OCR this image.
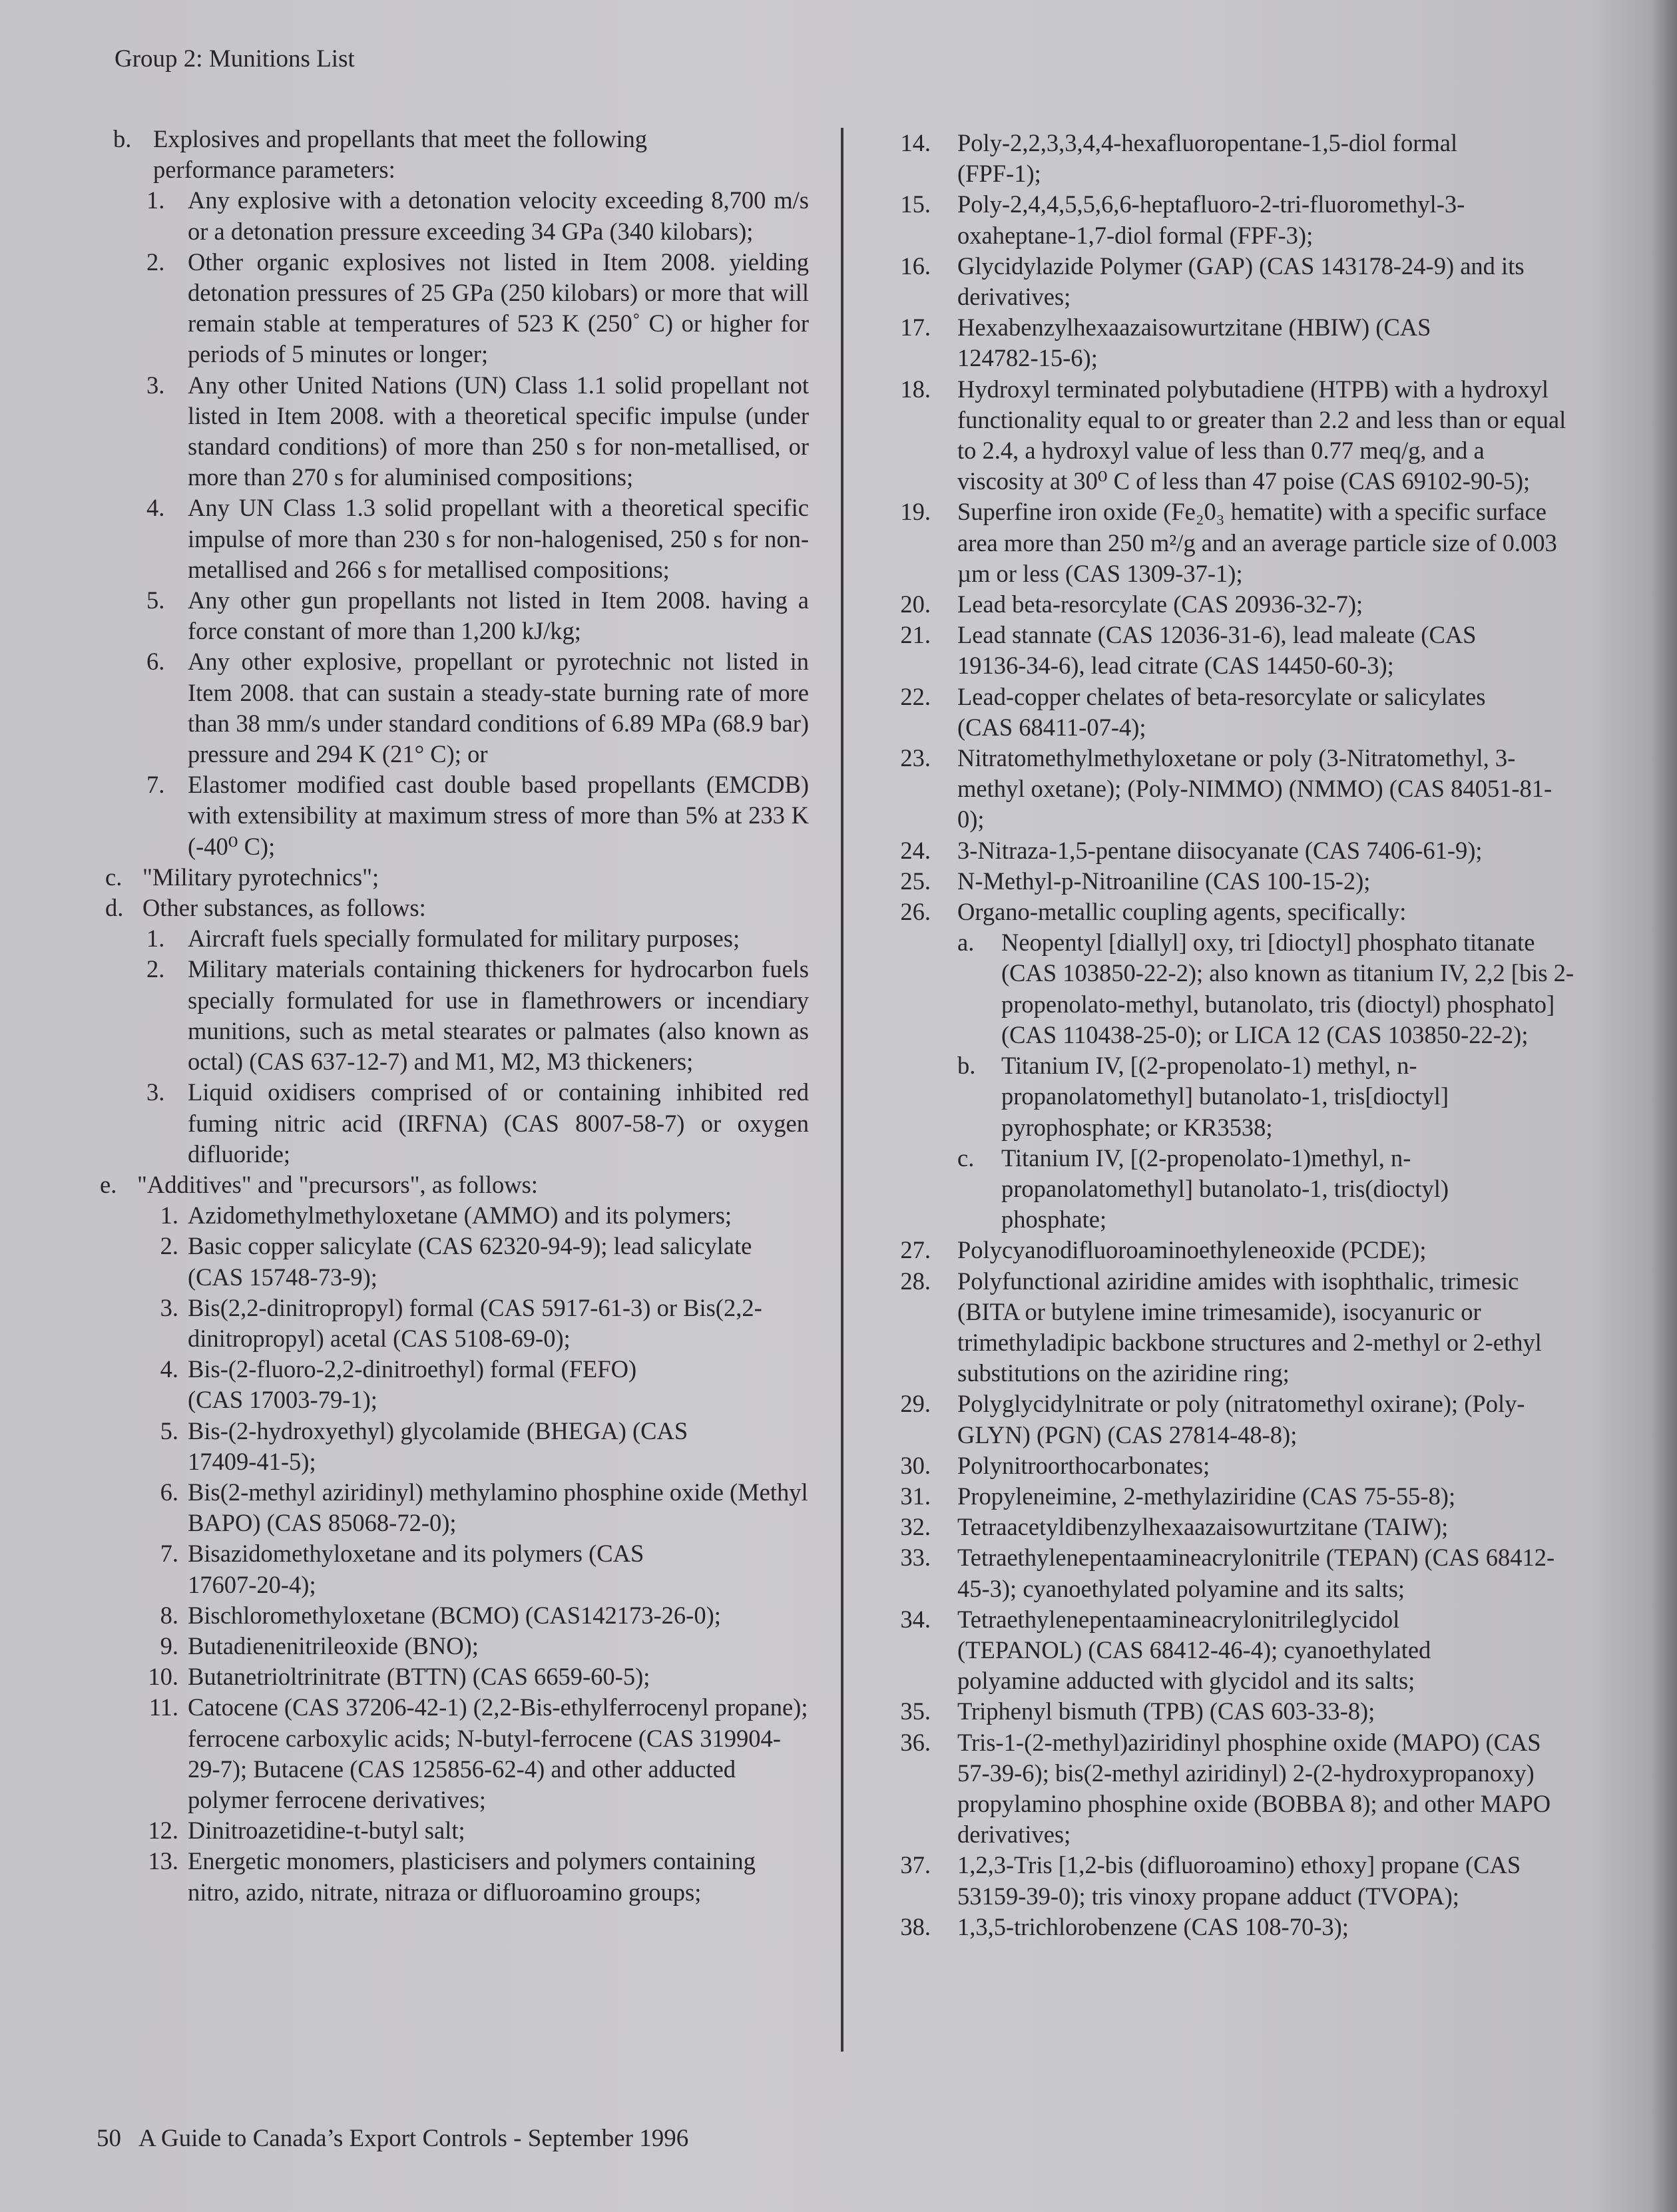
Group 2: Munitions List
b. Explosives and propellants that meet the following performance parameters:
1. Any explosive with a detonation velocity exceeding 8,700 m/s or a detonation pressure exceeding 34 GPa (340 kilobars);
2. Other organic explosives not listed in Item 2008. yielding detonation pressures of 25 GPa (250 kilobars) or more that will remain stable at temperatures of 523 K (250˚ C) or higher for periods of 5 minutes or longer;
3. Any other United Nations (UN) Class 1.1 solid propellant not listed in Item 2008. with a theoretical specific impulse (under standard conditions) of more than 250 s for non-metallised, or more than 270 s for aluminised compositions;
4. Any UN Class 1.3 solid propellant with a theoretical specific impulse of more than 230 s for non-halogenised, 250 s for non-metallised and 266 s for metallised compositions;
5. Any other gun propellants not listed in Item 2008. having a force constant of more than 1,200 kJ/kg;
6. Any other explosive, propellant or pyrotechnic not listed in Item 2008. that can sustain a steady-state burning rate of more than 38 mm/s under standard conditions of 6.89 MPa (68.9 bar) pressure and 294 K (21° C); or
7. Elastomer modified cast double based propellants (EMCDB) with extensibility at maximum stress of more than 5% at 233 K (-40⁰ C);
c. "Military pyrotechnics";
d. Other substances, as follows:
1. Aircraft fuels specially formulated for military purposes;
2. Military materials containing thickeners for hydrocarbon fuels specially formulated for use in flamethrowers or incendiary munitions, such as metal stearates or palmates (also known as octal) (CAS 637-12-7) and M1, M2, M3 thickeners;
3. Liquid oxidisers comprised of or containing inhibited red fuming nitric acid (IRFNA) (CAS 8007-58-7) or oxygen difluoride;
e. "Additives" and "precursors", as follows:
1. Azidomethylmethyloxetane (AMMO) and its polymers;
2. Basic copper salicylate (CAS 62320-94-9); lead salicylate (CAS 15748-73-9);
3. Bis(2,2-dinitropropyl) formal (CAS 5917-61-3) or Bis(2,2-dinitropropyl) acetal (CAS 5108-69-0);
4. Bis-(2-fluoro-2,2-dinitroethyl) formal (FEFO) (CAS 17003-79-1);
5. Bis-(2-hydroxyethyl) glycolamide (BHEGA) (CAS 17409-41-5);
6. Bis(2-methyl aziridinyl) methylamino phosphine oxide (Methyl BAPO) (CAS 85068-72-0);
7. Bisazidomethyloxetane and its polymers (CAS 17607-20-4);
8. Bischloromethyloxetane (BCMO) (CAS142173-26-0);
9. Butadienenitrileoxide (BNO);
10. Butanetrioltrinitrate (BTTN) (CAS 6659-60-5);
11. Catocene (CAS 37206-42-1) (2,2-Bis-ethylferrocenyl propane); ferrocene carboxylic acids; N-butyl-ferrocene (CAS 319904-29-7); Butacene (CAS 125856-62-4) and other adducted polymer ferrocene derivatives;
12. Dinitroazetidine-t-butyl salt;
13. Energetic monomers, plasticisers and polymers containing nitro, azido, nitrate, nitraza or difluoroamino groups;
14. Poly-2,2,3,3,4,4-hexafluoropentane-1,5-diol formal (FPF-1);
15. Poly-2,4,4,5,5,6,6-heptafluoro-2-tri-fluoromethyl-3-oxaheptane-1,7-diol formal (FPF-3);
16. Glycidylazide Polymer (GAP) (CAS 143178-24-9) and its derivatives;
17. Hexabenzylhexaazaisowurtzitane (HBIW) (CAS 124782-15-6);
18. Hydroxyl terminated polybutadiene (HTPB) with a hydroxyl functionality equal to or greater than 2.2 and less than or equal to 2.4, a hydroxyl value of less than 0.77 meq/g, and a viscosity at 30⁰ C of less than 47 poise (CAS 69102-90-5);
19. Superfine iron oxide (Fe₂0₃ hematite) with a specific surface area more than 250 m²/g and an average particle size of 0.003 µm or less (CAS 1309-37-1);
20. Lead beta-resorcylate (CAS 20936-32-7);
21. Lead stannate (CAS 12036-31-6), lead maleate (CAS 19136-34-6), lead citrate (CAS 14450-60-3);
22. Lead-copper chelates of beta-resorcylate or salicylates (CAS 68411-07-4);
23. Nitratomethylmethyloxetane or poly (3-Nitratomethyl, 3-methyl oxetane); (Poly-NIMMO) (NMMO) (CAS 84051-81-0);
24. 3-Nitraza-1,5-pentane diisocyanate (CAS 7406-61-9);
25. N-Methyl-p-Nitroaniline (CAS 100-15-2);
26. Organo-metallic coupling agents, specifically:
a.	Neopentyl [diallyl] oxy, tri [dioctyl] phosphato titanate (CAS 103850-22-2); also known as titanium IV, 2,2 [bis 2-propenolato-methyl, butanolato, tris (dioctyl) phosphato] (CAS 110438-25-0); or LICA 12 (CAS 103850-22-2);
b.	Titanium IV, [(2-propenolato-1) methyl, n-propanolatomethyl] butanolato-1, tris[dioctyl] pyrophosphate; or KR3538;
c.	Titanium IV, [(2-propenolato-1)methyl, n-propanolatomethyl] butanolato-1, tris(dioctyl) phosphate;
27. Polycyanodifluoroaminoethyleneoxide (PCDE);
28. Polyfunctional aziridine amides with isophthalic, trimesic (BITA or butylene imine trimesamide), isocyanuric or trimethyladipic backbone structures and 2-methyl or 2-ethyl substitutions on the aziridine ring;
29. Polyglycidylnitrate or poly (nitratomethyl oxirane); (Poly-GLYN) (PGN) (CAS 27814-48-8);
30. Polynitroorthocarbonates;
31. Propyleneimine, 2-methylaziridine (CAS 75-55-8);
32. Tetraacetyldibenzylhexaazaisowurtzitane (TAIW);
33. Tetraethylenepentaamineacrylonitrile (TEPAN) (CAS 68412-45-3); cyanoethylated polyamine and its salts;
34. Tetraethylenepentaamineacrylonitrileglycidol (TEPANOL) (CAS 68412-46-4); cyanoethylated polyamine adducted with glycidol and its salts;
35. Triphenyl bismuth (TPB) (CAS 603-33-8);
36. Tris-1-(2-methyl)aziridinyl phosphine oxide (MAPO) (CAS 57-39-6); bis(2-methyl aziridinyl) 2-(2-hydroxypropanoxy) propylamino phosphine oxide (BOBBA 8); and other MAPO derivatives;
37. 1,2,3-Tris [1,2-bis (difluoroamino) ethoxy] propane (CAS 53159-39-0); tris vinoxy propane adduct (TVOPA);
38. 1,3,5-trichlorobenzene (CAS 108-70-3);
50 A Guide to Canada’s Export Controls - September 1996
